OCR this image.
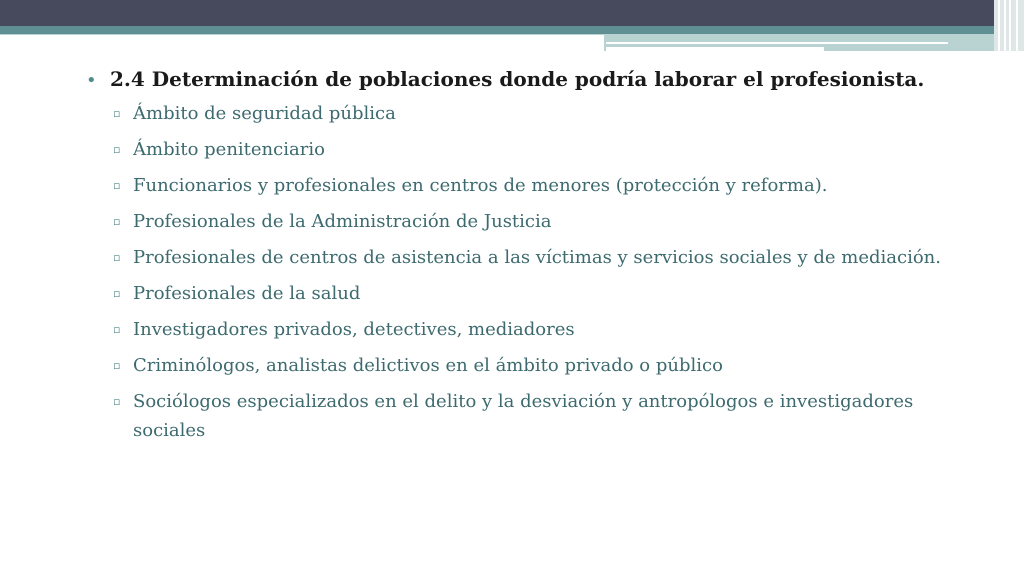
• 2.4 Determinación de poblaciones donde podría laborar el profesionista.
▫ Ámbito de seguridad pública
▫ Ámbito penitenciario
▫ Funcionarios y profesionales en centros de menores (protección y reforma).
▫ Profesionales de la Administración de Justicia
▫ Profesionales de centros de asistencia a las víctimas y servicios sociales y de mediación.
▫ Profesionales de la salud
▫ Investigadores privados, detectives, mediadores
▫ Criminólogos, analistas delictivos en el ámbito privado o público
▫ Sociólogos especializados en el delito y la desviación y antropólogos e investigadores sociales
